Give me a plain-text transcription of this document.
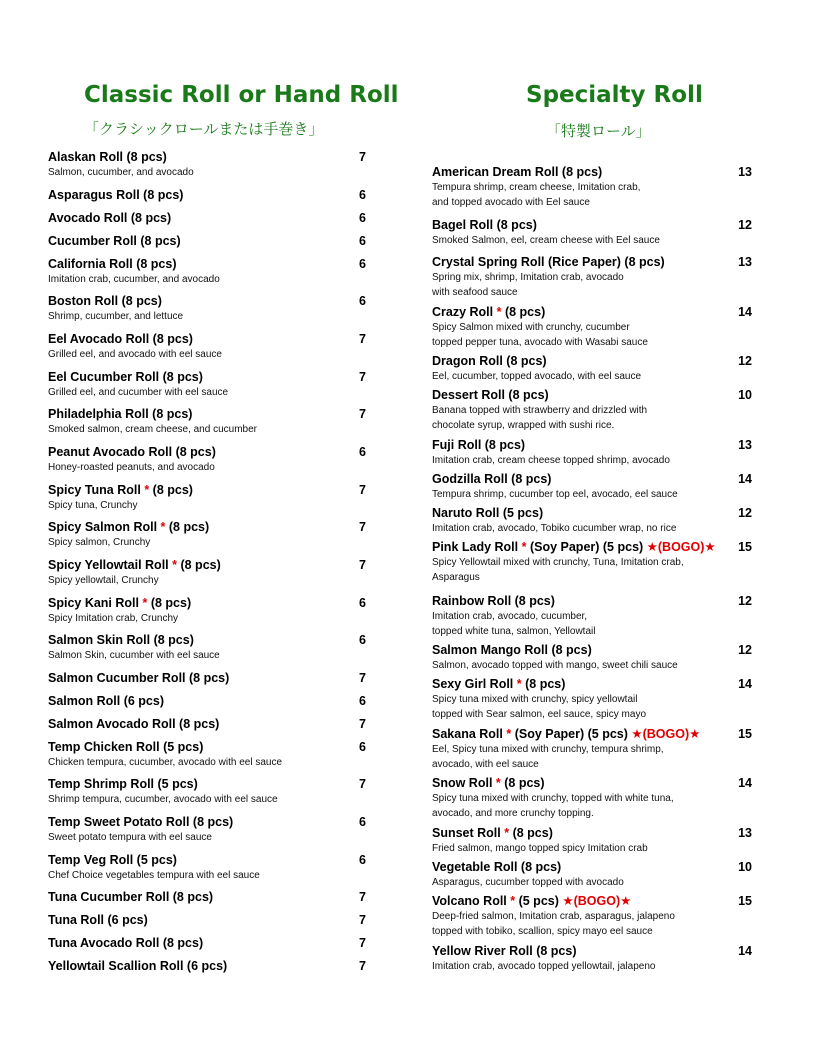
Classic Roll or Hand Roll
「クラシックロールまたは手巻き」
Alaskan Roll (8 pcs)	7
Salmon, cucumber, and avocado
Asparagus Roll (8 pcs)	6
Avocado Roll (8 pcs)	6
Cucumber Roll (8 pcs)	6
California Roll (8 pcs)	6
Imitation crab, cucumber, and avocado
Boston Roll (8 pcs)	6
Shrimp, cucumber, and lettuce
Eel Avocado Roll (8 pcs)	7
Grilled eel, and avocado with eel sauce
Eel Cucumber Roll (8 pcs)	7
Grilled eel, and cucumber with eel sauce
Philadelphia Roll (8 pcs)	7
Smoked salmon, cream cheese, and cucumber
Peanut Avocado Roll (8 pcs)	6
Honey-roasted peanuts, and avocado
Spicy Tuna Roll * (8 pcs)	7
Spicy tuna, Crunchy
Spicy Salmon Roll * (8 pcs)	7
Spicy salmon, Crunchy
Spicy Yellowtail Roll * (8 pcs)	7
Spicy yellowtail, Crunchy
Spicy Kani Roll * (8 pcs)	6
Spicy Imitation crab, Crunchy
Salmon Skin Roll (8 pcs)	6
Salmon Skin, cucumber with eel sauce
Salmon Cucumber Roll (8 pcs)	7
Salmon Roll (6 pcs)	6
Salmon Avocado Roll (8 pcs)	7
Temp Chicken Roll (5 pcs)	6
Chicken tempura, cucumber, avocado with eel sauce
Temp Shrimp Roll (5 pcs)	7
Shrimp tempura, cucumber, avocado with eel sauce
Temp Sweet Potato Roll (8 pcs)	6
Sweet potato tempura with eel sauce
Temp Veg Roll (5 pcs)	6
Chef Choice vegetables tempura with eel sauce
Tuna Cucumber Roll (8 pcs)	7
Tuna Roll (6 pcs)	7
Tuna Avocado Roll (8 pcs)	7
Yellowtail Scallion Roll (6 pcs)	7
Specialty Roll
「特製ロール」
American Dream Roll (8 pcs)	13
Tempura shrimp, cream cheese, Imitation crab,
and topped avocado with Eel sauce
Bagel Roll (8 pcs)	12
Smoked Salmon, eel, cream cheese with Eel sauce
Crystal Spring Roll (Rice Paper) (8 pcs)	13
Spring mix, shrimp, Imitation crab, avocado
with seafood sauce
Crazy Roll * (8 pcs)	14
Spicy Salmon mixed with crunchy, cucumber
topped pepper tuna, avocado with Wasabi sauce
Dragon Roll (8 pcs)	12
Eel, cucumber, topped avocado, with eel sauce
Dessert Roll (8 pcs)	10
Banana topped with strawberry and drizzled with
chocolate syrup, wrapped with sushi rice.
Fuji Roll (8 pcs)	13
Imitation crab, cream cheese topped shrimp, avocado
Godzilla Roll (8 pcs)	14
Tempura shrimp, cucumber top eel, avocado, eel sauce
Naruto Roll (5 pcs)	12
Imitation crab, avocado, Tobiko cucumber wrap, no rice
Pink Lady Roll * (Soy Paper) (5 pcs) ★(BOGO)★ 15
Spicy Yellowtail mixed with crunchy, Tuna, Imitation crab,
Asparagus
Rainbow Roll (8 pcs)	12
Imitation crab, avocado, cucumber,
topped white tuna, salmon, Yellowtail
Salmon Mango Roll (8 pcs)	12
Salmon, avocado topped with mango, sweet chili sauce
Sexy Girl Roll * (8 pcs)	14
Spicy tuna mixed with crunchy, spicy yellowtail
topped with Sear salmon, eel sauce, spicy mayo
Sakana Roll * (Soy Paper) (5 pcs) ★(BOGO)★	15
Eel, Spicy tuna mixed with crunchy, tempura shrimp,
avocado, with eel sauce
Snow Roll * (8 pcs)	14
Spicy tuna mixed with crunchy, topped with white tuna,
avocado, and more crunchy topping.
Sunset Roll * (8 pcs)	13
Fried salmon, mango topped spicy Imitation crab
Vegetable Roll (8 pcs)	10
Asparagus, cucumber topped with avocado
Volcano Roll * (5 pcs) ★(BOGO)★	15
Deep-fried salmon, Imitation crab, asparagus, jalapeno
topped with tobiko, scallion, spicy mayo eel sauce
Yellow River Roll (8 pcs)	14
Imitation crab, avocado topped yellowtail, jalapeno
